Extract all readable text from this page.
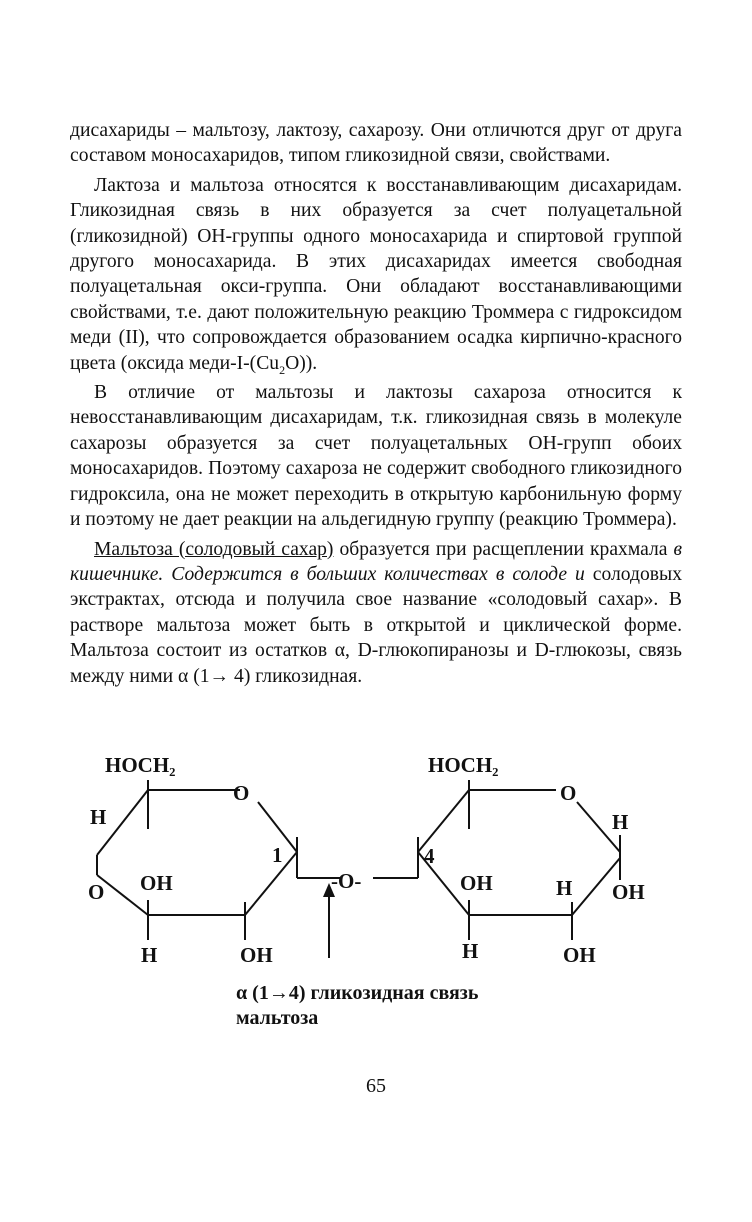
дисахариды – мальтозу, лактозу, сахарозу. Они отличются друг от друга составом моносахаридов, типом гликозидной связи, свойствами.

Лактоза и мальтоза относятся к восстанавливающим дисахаридам. Гликозидная связь в них образуется за счет полуацетальной (гликозидной) ОН-группы одного моносахарида и спиртовой группой другого моносахарида. В этих дисахаридах имеется свободная полуацетальная окси-группа. Они обладают восстанавливающими свойствами, т.е. дают положительную реакцию Троммера с гидроксидом меди (II), что сопровождается образованием осадка кирпично-красного цвета (оксида меди-$I-(Cu_2O)$).

В отличие от мальтозы и лактозы сахароза относится к невосстанавливающим дисахаридам, т.к. гликозидная связь в молекуле сахарозы образуется за счет полуацетальных ОН-групп обоих моносахаридов. Поэтому сахароза не содержит свободного гликозидного гидроксила, она не может переходить в открытую карбонильную форму и поэтому не дает реакции на альдегидную группу (реакцию Троммера).

Мальтоза (солодовый сахар) образуется при расщеплении крахмала в кишечнике. Содержится в больших количествах в солоде и солодовых экстрактах, отсюда и получила свое название «солодовый сахар». В растворе мальтоза может быть в открытой и циклической форме. Мальтоза состоит из остатков α, D-глюкопиранозы и D-глюкозы, связь между ними α (1→ 4) гликозидная.

HOCH₂
O
H
1
O OH
H	OH
-O-
HOCH₂
O
4
H
OH	H OH
H	OH
α (1→4) гликозидная связь
мальтоза
65
